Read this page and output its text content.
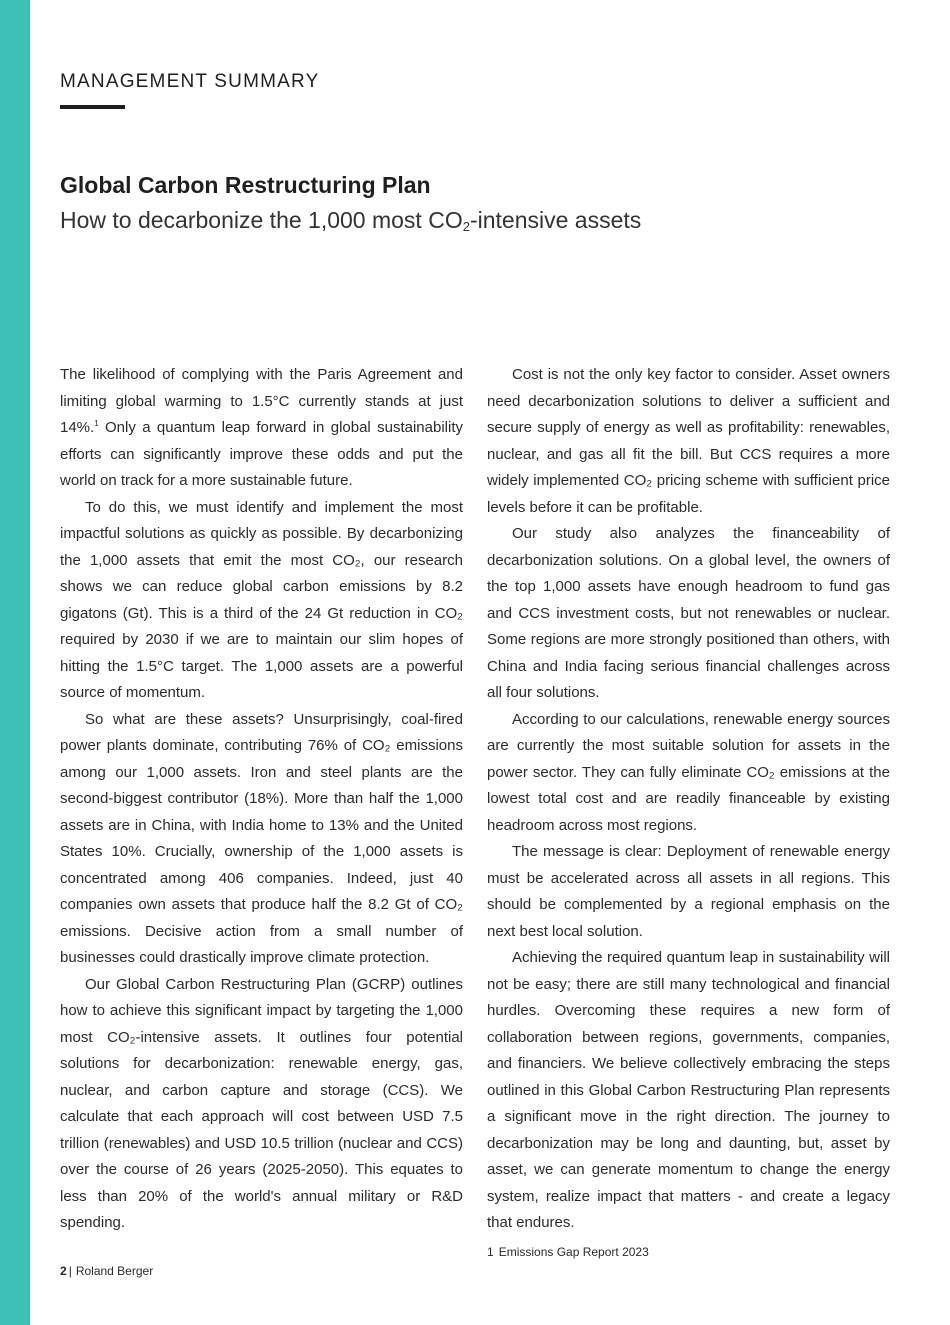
MANAGEMENT SUMMARY
Global Carbon Restructuring Plan
How to decarbonize the 1,000 most $CO_2$-intensive assets

The likelihood of complying with the Paris Agreement and limiting global warming to 1.5°C currently stands at just 14%.$^1$ Only a quantum leap forward in global sustainability efforts can significantly improve these odds and put the world on track for a more sustainable future.

To do this, we must identify and implement the most impactful solutions as quickly as possible. By decarbonizing the 1,000 assets that emit the most CO₂, our research shows we can reduce global carbon emissions by 8.2 gigatons (Gt). This is a third of the 24 Gt reduction in CO₂ required by 2030 if we are to maintain our slim hopes of hitting the 1.5°C target. The 1,000 assets are a powerful source of momentum.

So what are these assets? Unsurprisingly, coal-fired power plants dominate, contributing 76% of CO₂ emissions among our 1,000 assets. Iron and steel plants are the second-biggest contributor (18%). More than half the 1,000 assets are in China, with India home to 13% and the United States 10%. Crucially, ownership of the 1,000 assets is concentrated among 406 companies. Indeed, just 40 companies own assets that produce half the 8.2 Gt of CO₂ emissions. Decisive action from a small number of businesses could drastically improve climate protection.

Our Global Carbon Restructuring Plan (GCRP) outlines how to achieve this significant impact by targeting the 1,000 most CO₂-intensive assets. It outlines four potential solutions for decarbonization: renewable energy, gas, nuclear, and carbon capture and storage (CCS). We calculate that each approach will cost between USD 7.5 trillion (renewables) and USD 10.5 trillion (nuclear and CCS) over the course of 26 years (2025-2050). This equates to less than 20% of the world's annual military or R&D spending.

Cost is not the only key factor to consider. Asset owners need decarbonization solutions to deliver a sufficient and secure supply of energy as well as profitability: renewables, nuclear, and gas all fit the bill. But CCS requires a more widely implemented CO₂ pricing scheme with sufficient price levels before it can be profitable.

Our study also analyzes the financeability of decarbonization solutions. On a global level, the owners of the top 1,000 assets have enough headroom to fund gas and CCS investment costs, but not renewables or nuclear. Some regions are more strongly positioned than others, with China and India facing serious financial challenges across all four solutions.

According to our calculations, renewable energy sources are currently the most suitable solution for assets in the power sector. They can fully eliminate CO₂ emissions at the lowest total cost and are readily financeable by existing headroom across most regions.

The message is clear: Deployment of renewable energy must be accelerated across all assets in all regions. This should be complemented by a regional emphasis on the next best local solution.

Achieving the required quantum leap in sustainability will not be easy; there are still many technological and financial hurdles. Overcoming these requires a new form of collaboration between regions, governments, companies, and financiers. We believe collectively embracing the steps outlined in this Global Carbon Restructuring Plan represents a significant move in the right direction. The journey to decarbonization may be long and daunting, but, asset by asset, we can generate momentum to change the energy system, realize impact that matters - and create a legacy that endures.

1 Emissions Gap Report 2023

2 | Roland Berger
